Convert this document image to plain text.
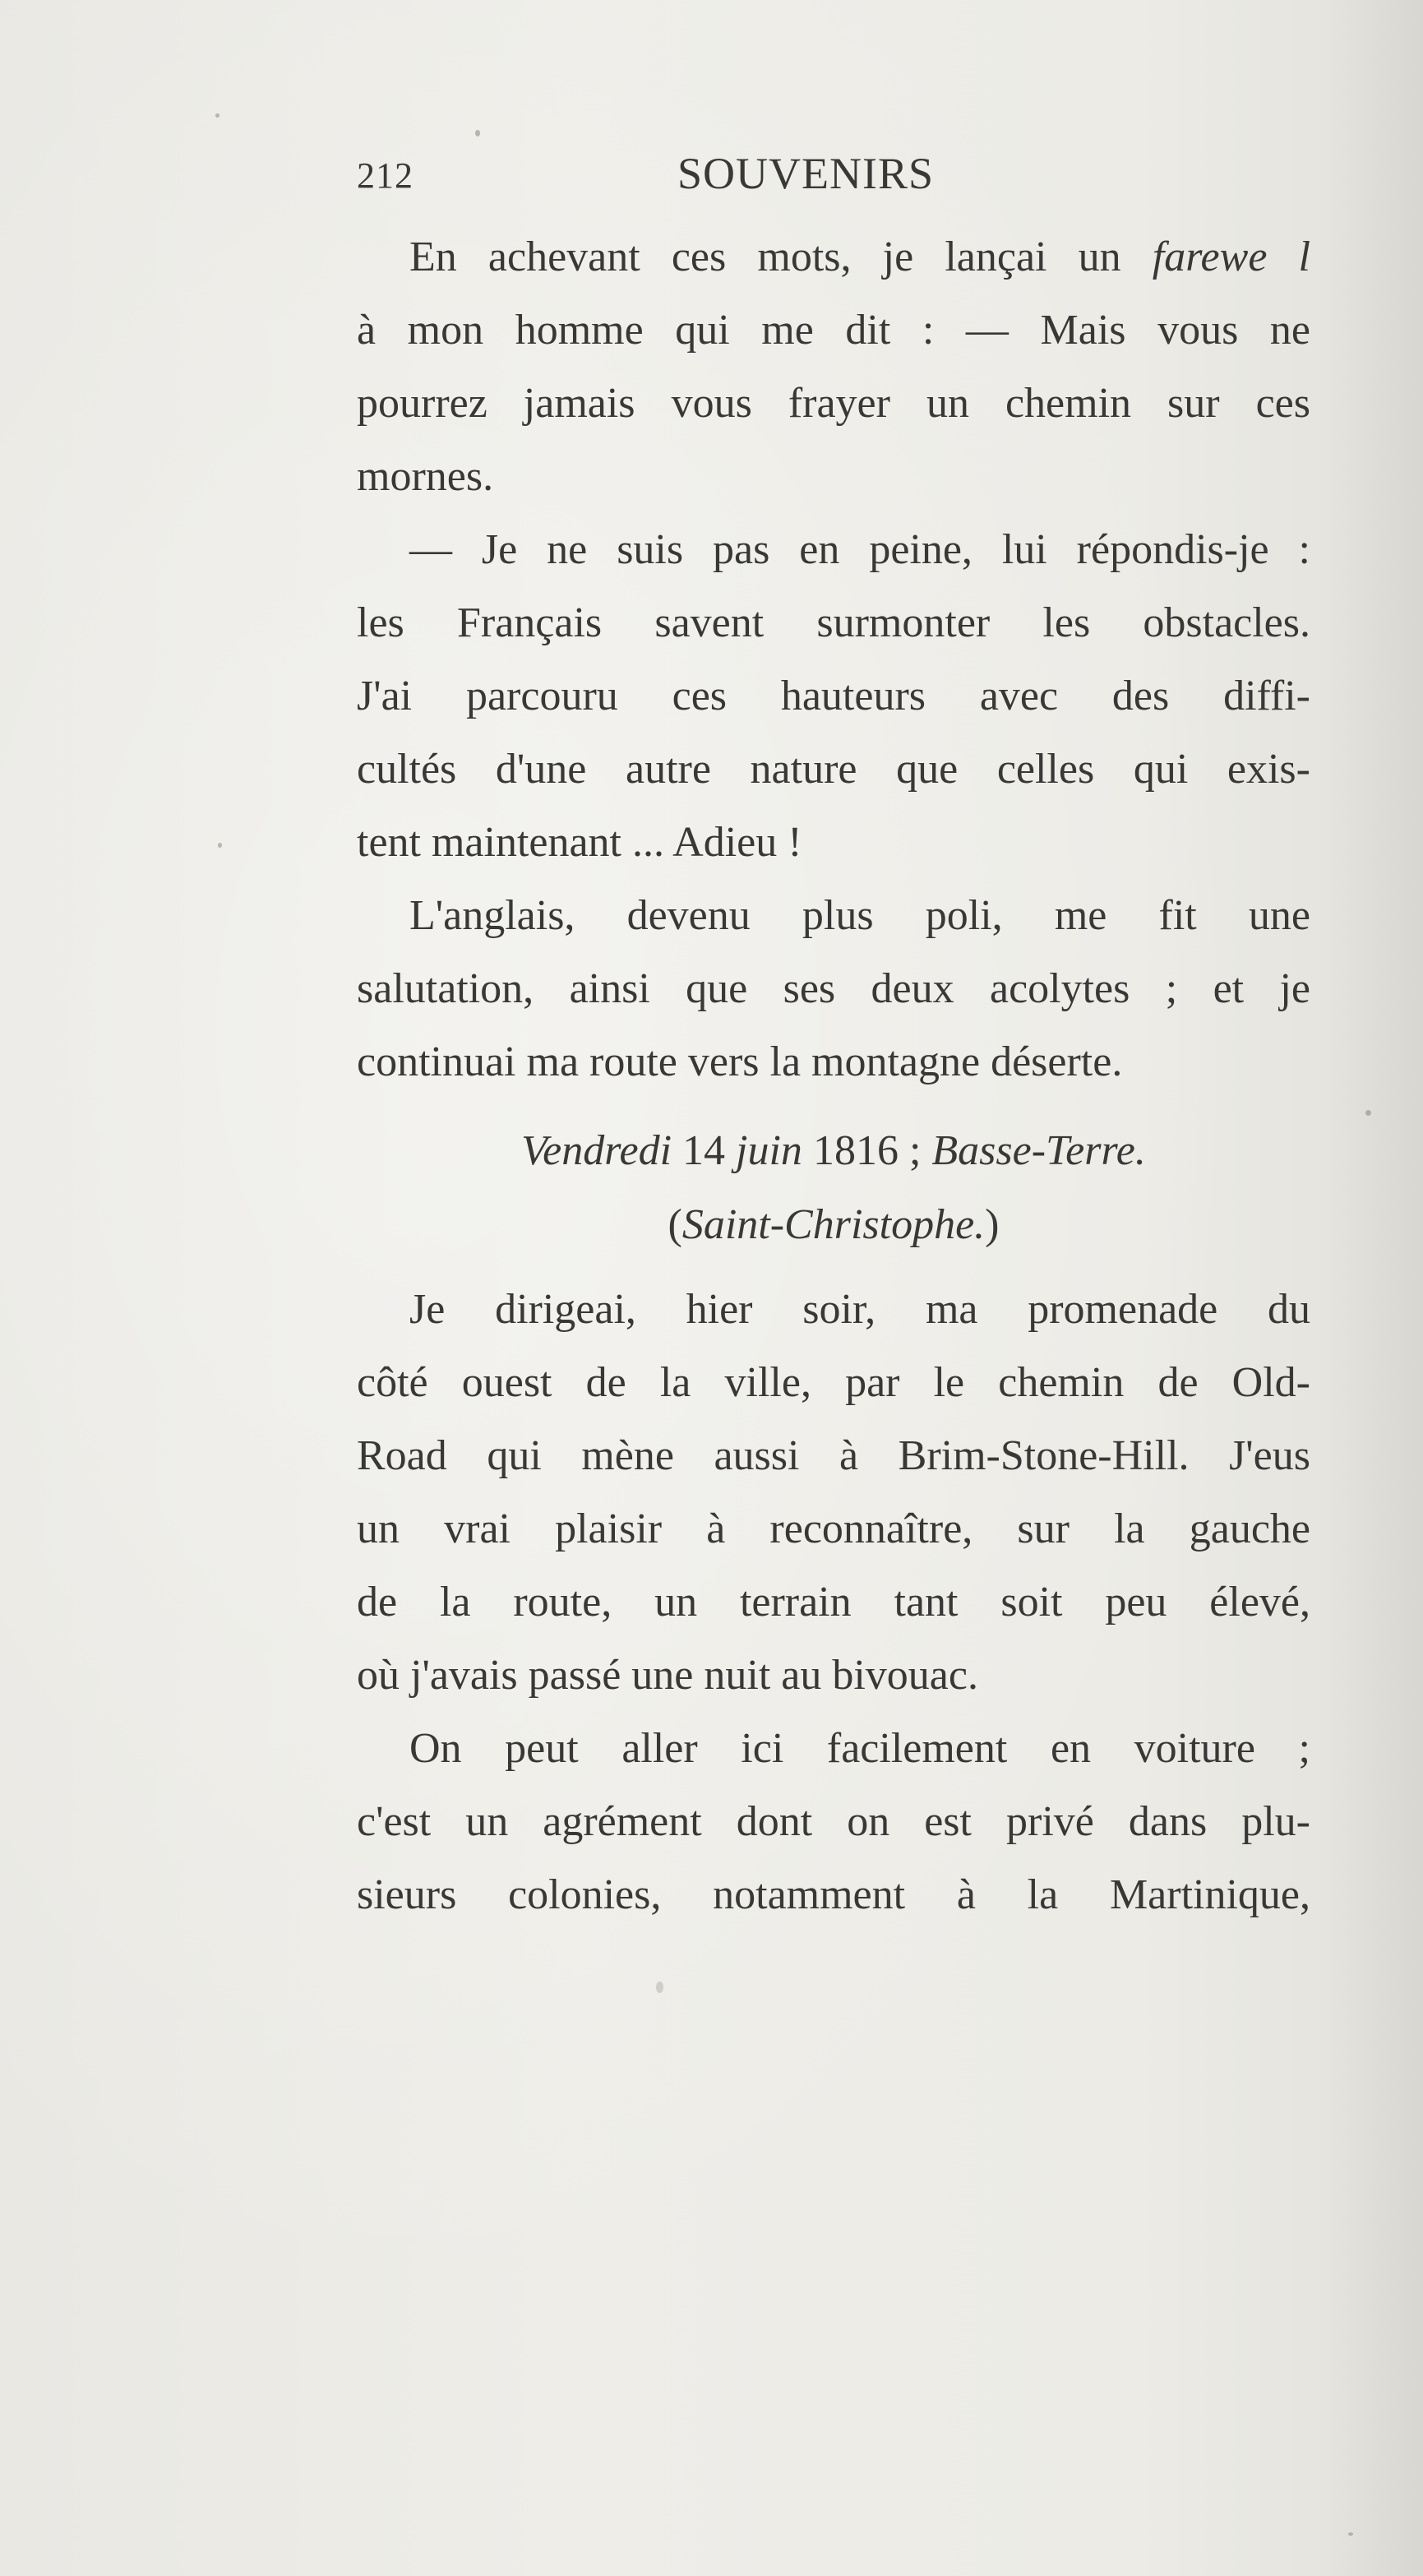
212	SOUVENIRS
En achevant ces mots, je lançai un farewe l
à mon homme qui me dit : — Mais vous ne
pourrez jamais vous frayer un chemin sur ces
mornes.
— Je ne suis pas en peine, lui répondis-je :
les Français savent surmonter les obstacles.
J'ai parcouru ces hauteurs avec des diffi-
cultés d'une autre nature que celles qui exis-
tent maintenant ... Adieu !
L'anglais, devenu plus poli, me fit une
salutation, ainsi que ses deux acolytes ; et je
continuai ma route vers la montagne déserte.
Vendredi 14 juin 1816 ; Basse-Terre.
(Saint-Christophe.)
Je dirigeai, hier soir, ma promenade du
côté ouest de la ville, par le chemin de Old-
Road qui mène aussi à Brim-Stone-Hill. J'eus
un vrai plaisir à reconnaître, sur la gauche
de la route, un terrain tant soit peu élevé,
où j'avais passé une nuit au bivouac.
On peut aller ici facilement en voiture ;
c'est un agrément dont on est privé dans plu-
sieurs colonies, notamment à la Martinique,
